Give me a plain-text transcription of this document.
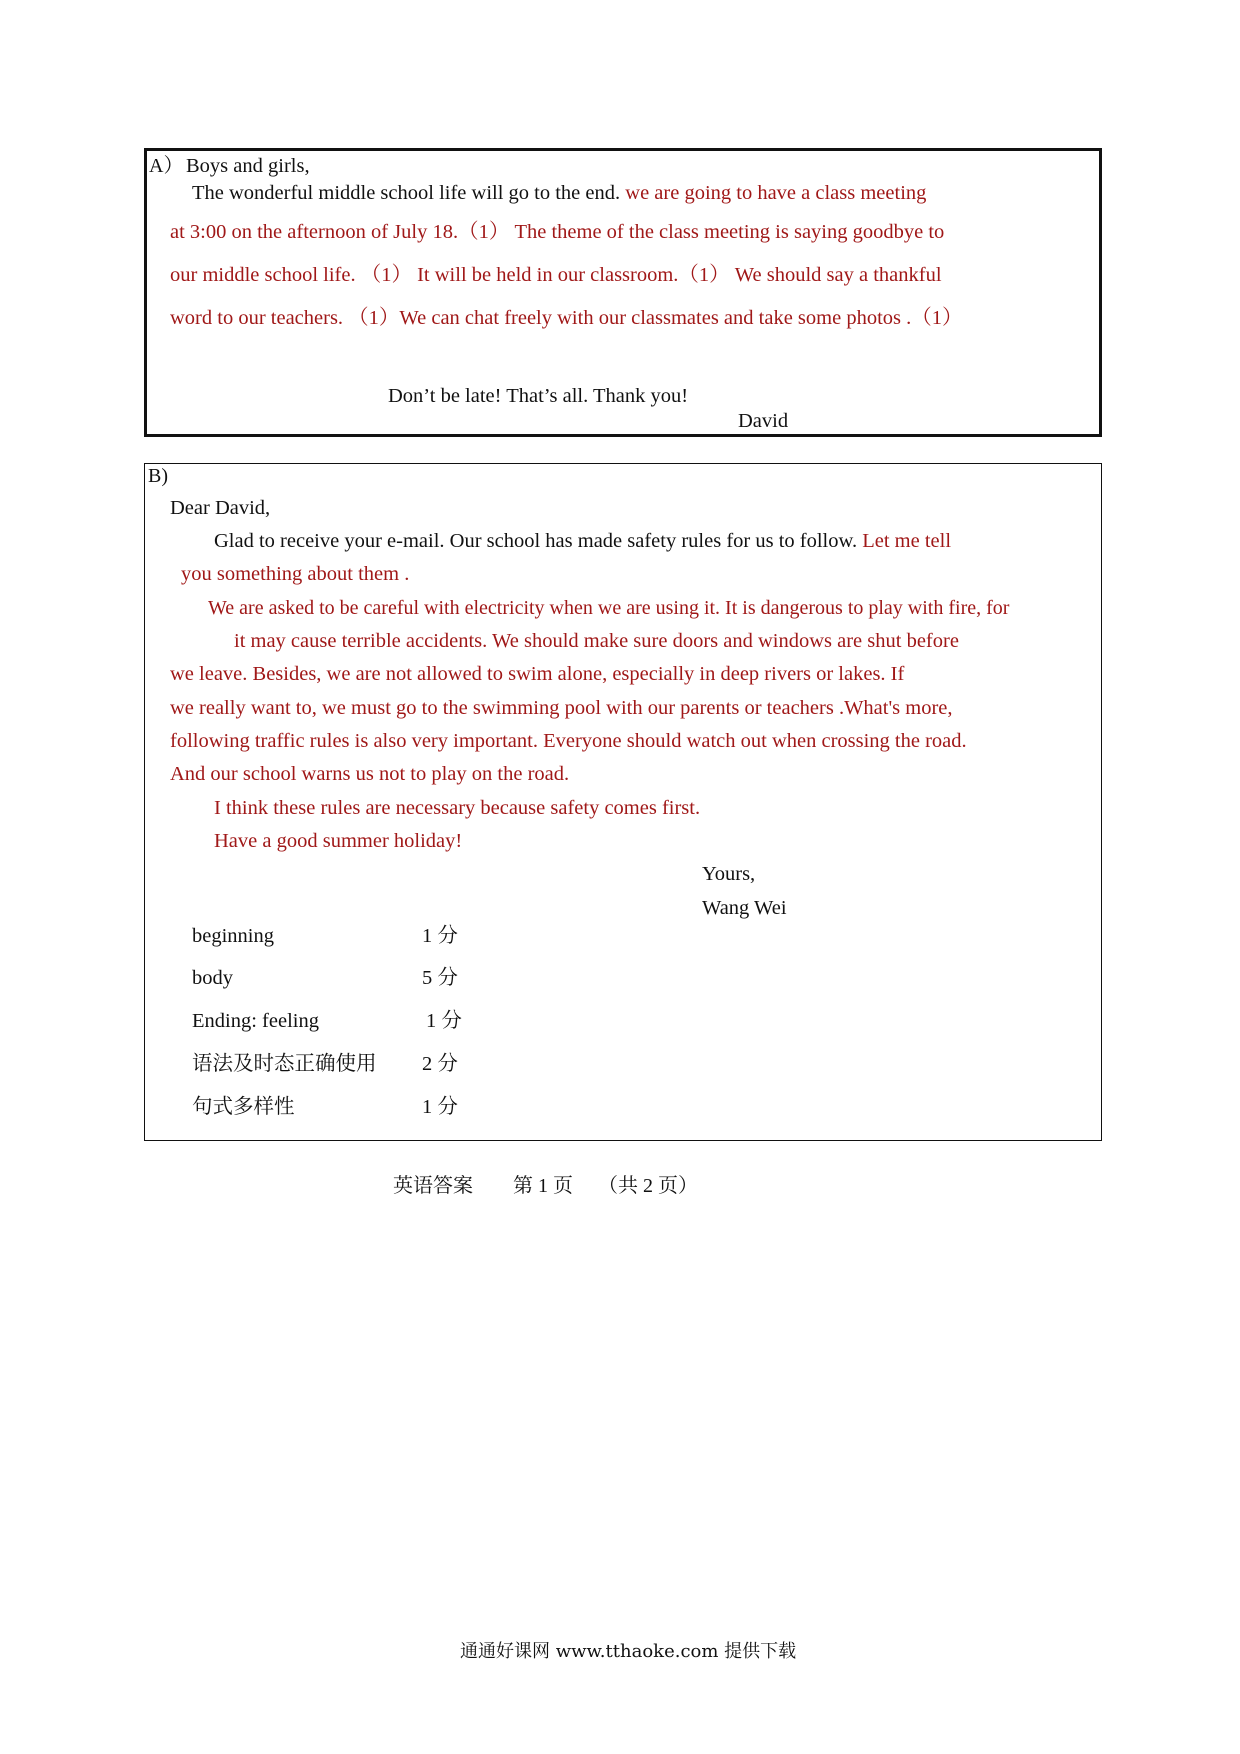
A） Boys and girls,
The wonderful middle school life will go to the end. we are going to have a class meeting
at 3:00 on the afternoon of July 18.（1） The theme of the class meeting is saying goodbye to
our middle school life. （1） It will be held in our classroom.（1） We should say a thankful
word to our teachers. （1）We can chat freely with our classmates and take some photos .（1）
Don’t be late! That’s all. Thank you!
David
B)
Dear David,
Glad to receive your e-mail. Our school has made safety rules for us to follow. Let me tell
you something about them .
We are asked to be careful with electricity when we are using it. It is dangerous to play with fire, for
it may cause terrible accidents. We should make sure doors and windows are shut before
we leave. Besides, we are not allowed to swim alone, especially in deep rivers or lakes. If
we really want to, we must go to the swimming pool with our parents or teachers .What's more,
following traffic rules is also very important. Everyone should watch out when crossing the road.
And our school warns us not to play on the road.
I think these rules are necessary because safety comes first.
Have a good summer holiday!
Yours,
Wang Wei
beginning	1 分
body	5 分
Ending: feeling	1 分
语法及时态正确使用 2 分
句式多样性	1 分
英语答案 第 1 页 （共 2 页）
通通好课网 www.tthaoke.com 提供下载
